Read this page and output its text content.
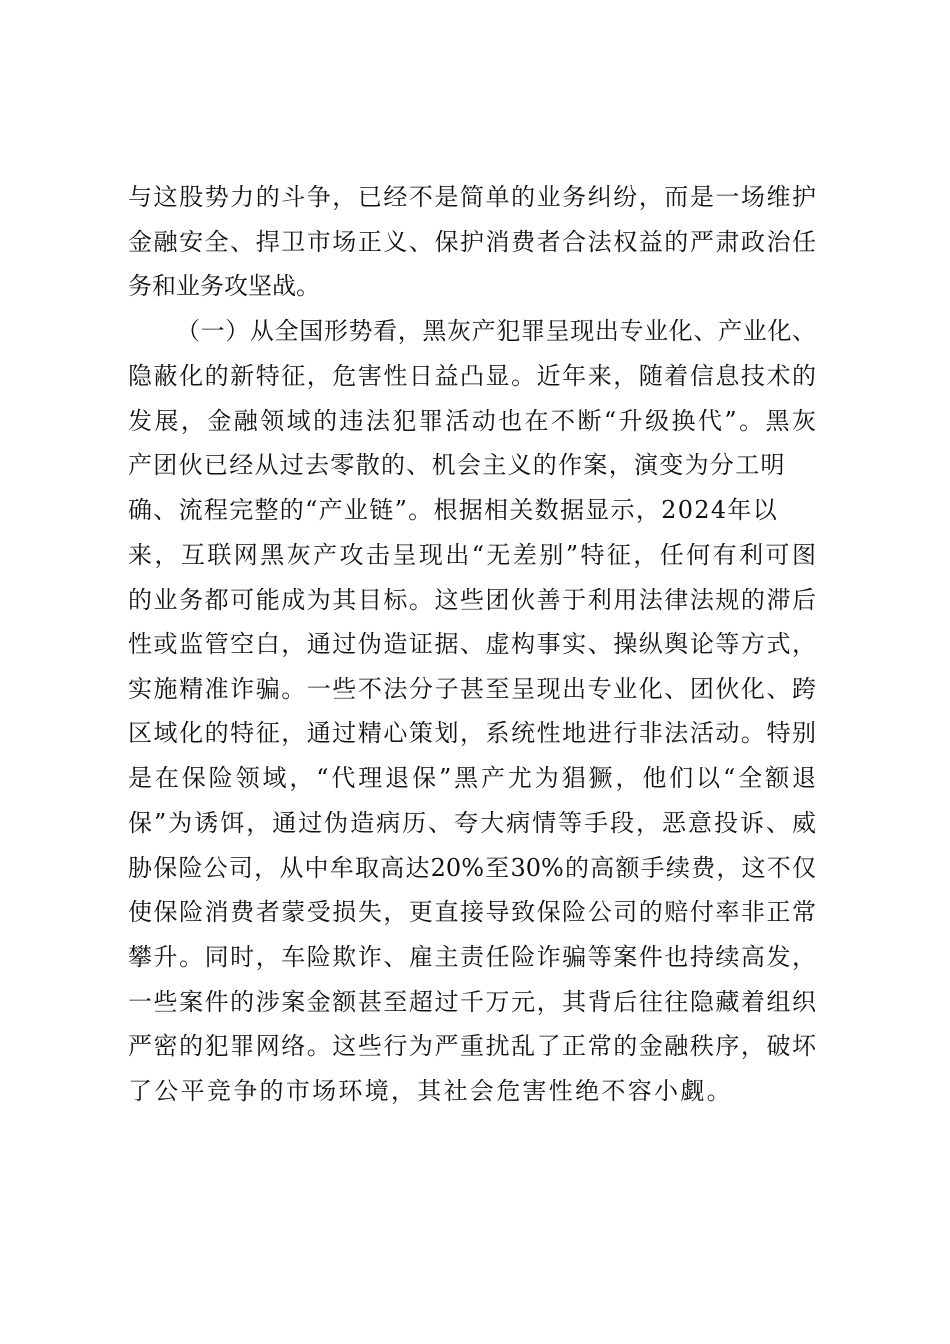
与这股势力的斗争，已经不是简单的业务纠纷，而是一场维护
金融安全、捍卫市场正义、保护消费者合法权益的严肃政治任
务和业务攻坚战。
（一）从全国形势看，黑灰产犯罪呈现出专业化、产业化、
隐蔽化的新特征，危害性日益凸显。近年来，随着信息技术的
发展，金融领域的违法犯罪活动也在不断“升级换代”。黑灰
产团伙已经从过去零散的、机会主义的作案，演变为分工明
确、流程完整的“产业链”。根据相关数据显示，2024年以
来，互联网黑灰产攻击呈现出“无差别”特征，任何有利可图
的业务都可能成为其目标。这些团伙善于利用法律法规的滞后
性或监管空白，通过伪造证据、虚构事实、操纵舆论等方式，
实施精准诈骗。一些不法分子甚至呈现出专业化、团伙化、跨
区域化的特征，通过精心策划，系统性地进行非法活动。特别
是在保险领域，“代理退保”黑产尤为猖獗，他们以“全额退
保”为诱饵，通过伪造病历、夸大病情等手段，恶意投诉、威
胁保险公司，从中牟取高达20%至30%的高额手续费，这不仅
使保险消费者蒙受损失，更直接导致保险公司的赔付率非正常
攀升。同时，车险欺诈、雇主责任险诈骗等案件也持续高发，
一些案件的涉案金额甚至超过千万元，其背后往往隐藏着组织
严密的犯罪网络。这些行为严重扰乱了正常的金融秩序，破坏
了公平竞争的市场环境，其社会危害性绝不容小觑。
